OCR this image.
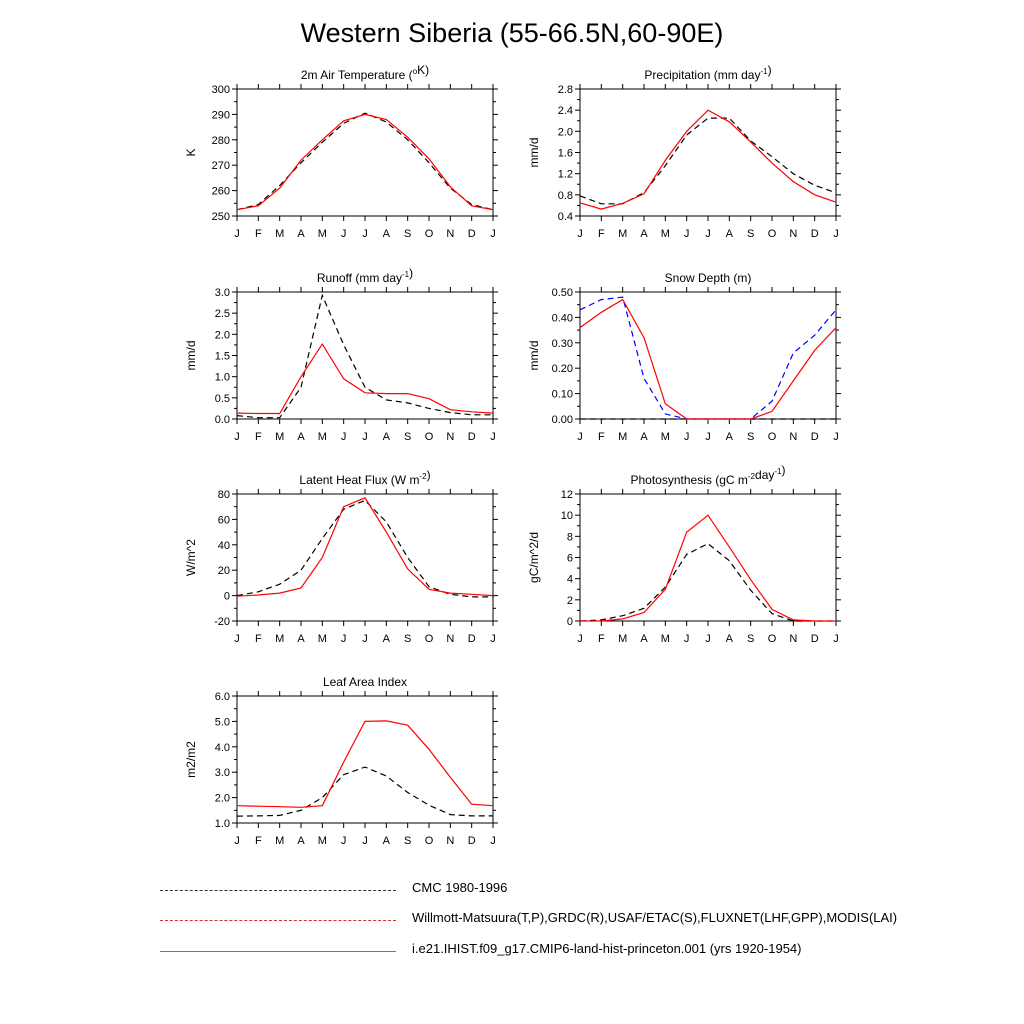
Western Siberia (55-66.5N,60-90E)
J F M A M J J A S O N D J
250
260
270
280
290
300
K
2m Air Temperature ($^o$K)
J F M A M J J A S O N D J
0.4
0.8
1.2
1.6
2.0
2.4
2.8
mm/d
Precipitation (mm day$^{-1}$)
J F M A M J J A S O N D J
0.0
0.5
1.0
1.5
2.0
2.5
3.0
mm/d
Runoff (mm day$^{-1}$)
J F M A M J J A S O N D J
0.00
0.10
0.20
0.30
0.40
0.50
mm/d
Snow Depth (m)
J F M A M J J A S O N D J
-20
0
20
40
60
80
W/m^2
Latent Heat Flux (W $m^{-2}$)
J F M A M J J A S O N D J
0
2
4
6
8
10
12
gC/m^2/d
Photosynthesis (gC $m^{-2}day^{-1}$)
J F M A M J J A S O N D J
1.0
2.0
3.0
4.0
5.0
6.0
m2/m2
Leaf Area Index
CMC 1980-1996
Willmott-Matsuura(T,P),GRDC(R),USAF/ETAC(S),FLUXNET(LHF,GPP),MODIS(LAI)
i.e21.IHIST.f09_g17.CMIP6-land-hist-princeton.001 (yrs 1920-1954)
